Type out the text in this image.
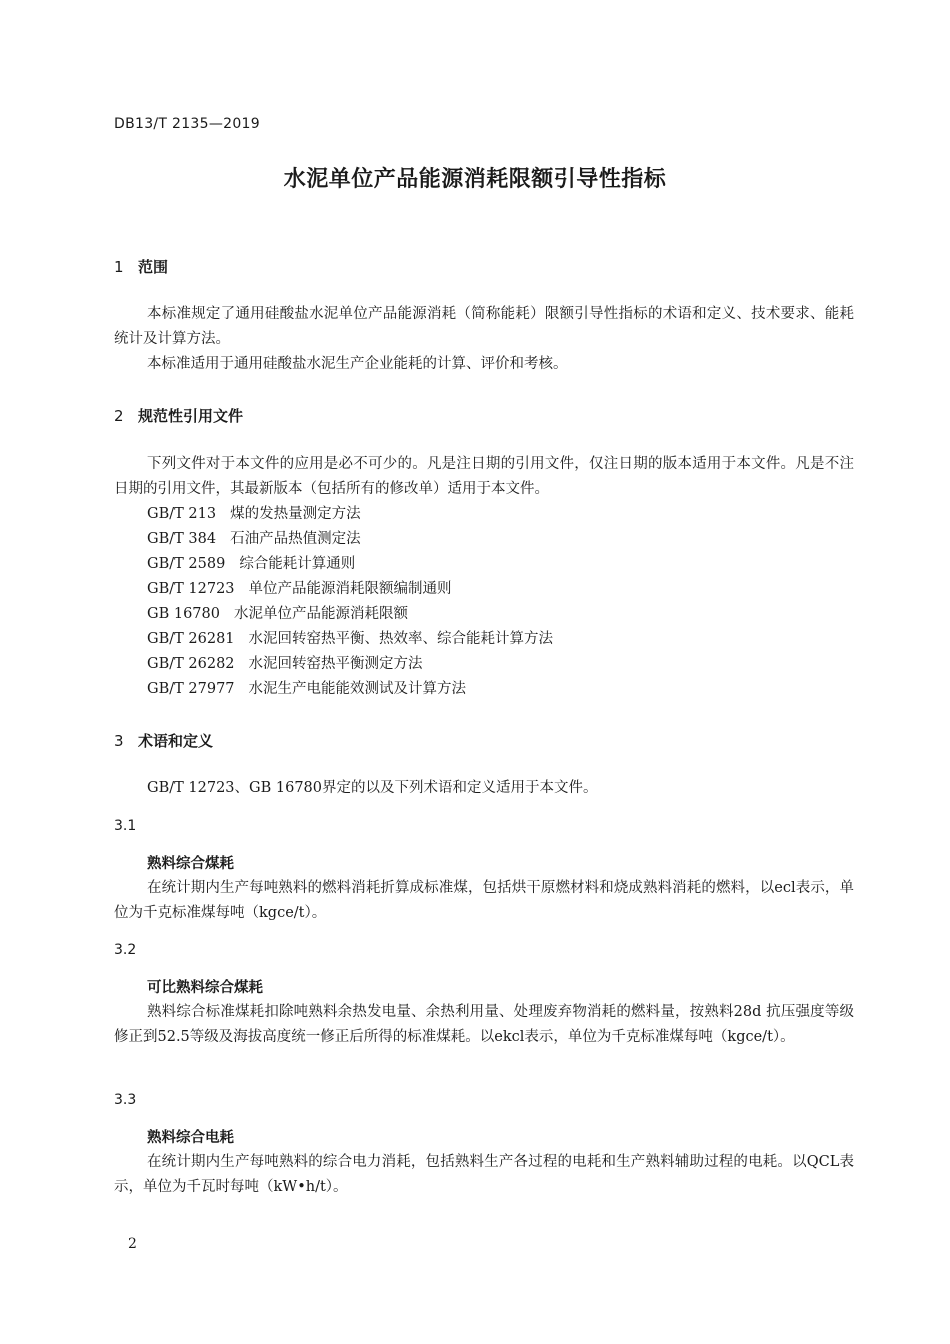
DB13/T 2135—2019
水泥单位产品能源消耗限额引导性指标
1 范围
本标准规定了通用硅酸盐水泥单位产品能源消耗（简称能耗）限额引导性指标的术语和定义、技术要求、能耗统计及计算方法。
本标准适用于通用硅酸盐水泥生产企业能耗的计算、评价和考核。
2 规范性引用文件
下列文件对于本文件的应用是必不可少的。凡是注日期的引用文件，仅注日期的版本适用于本文件。凡是不注日期的引用文件，其最新版本（包括所有的修改单）适用于本文件。
GB/T 213 煤的发热量测定方法
GB/T 384 石油产品热值测定法
GB/T 2589 综合能耗计算通则
GB/T 12723 单位产品能源消耗限额编制通则
GB 16780 水泥单位产品能源消耗限额
GB/T 26281 水泥回转窑热平衡、热效率、综合能耗计算方法
GB/T 26282 水泥回转窑热平衡测定方法
GB/T 27977 水泥生产电能能效测试及计算方法
3 术语和定义
GB/T 12723、GB 16780界定的以及下列术语和定义适用于本文件。
3.1
熟料综合煤耗
在统计期内生产每吨熟料的燃料消耗折算成标准煤，包括烘干原燃材料和烧成熟料消耗的燃料，以ecl表示，单位为千克标准煤每吨（kgce/t）。
3.2
可比熟料综合煤耗
熟料综合标准煤耗扣除吨熟料余热发电量、余热利用量、处理废弃物消耗的燃料量，按熟料28d 抗压强度等级修正到52.5等级及海拔高度统一修正后所得的标准煤耗。以ekcl表示，单位为千克标准煤每吨（kgce/t）。
3.3
熟料综合电耗
在统计期内生产每吨熟料的综合电力消耗，包括熟料生产各过程的电耗和生产熟料辅助过程的电耗。以QCL表示，单位为千瓦时每吨（kW•h/t）。
2
